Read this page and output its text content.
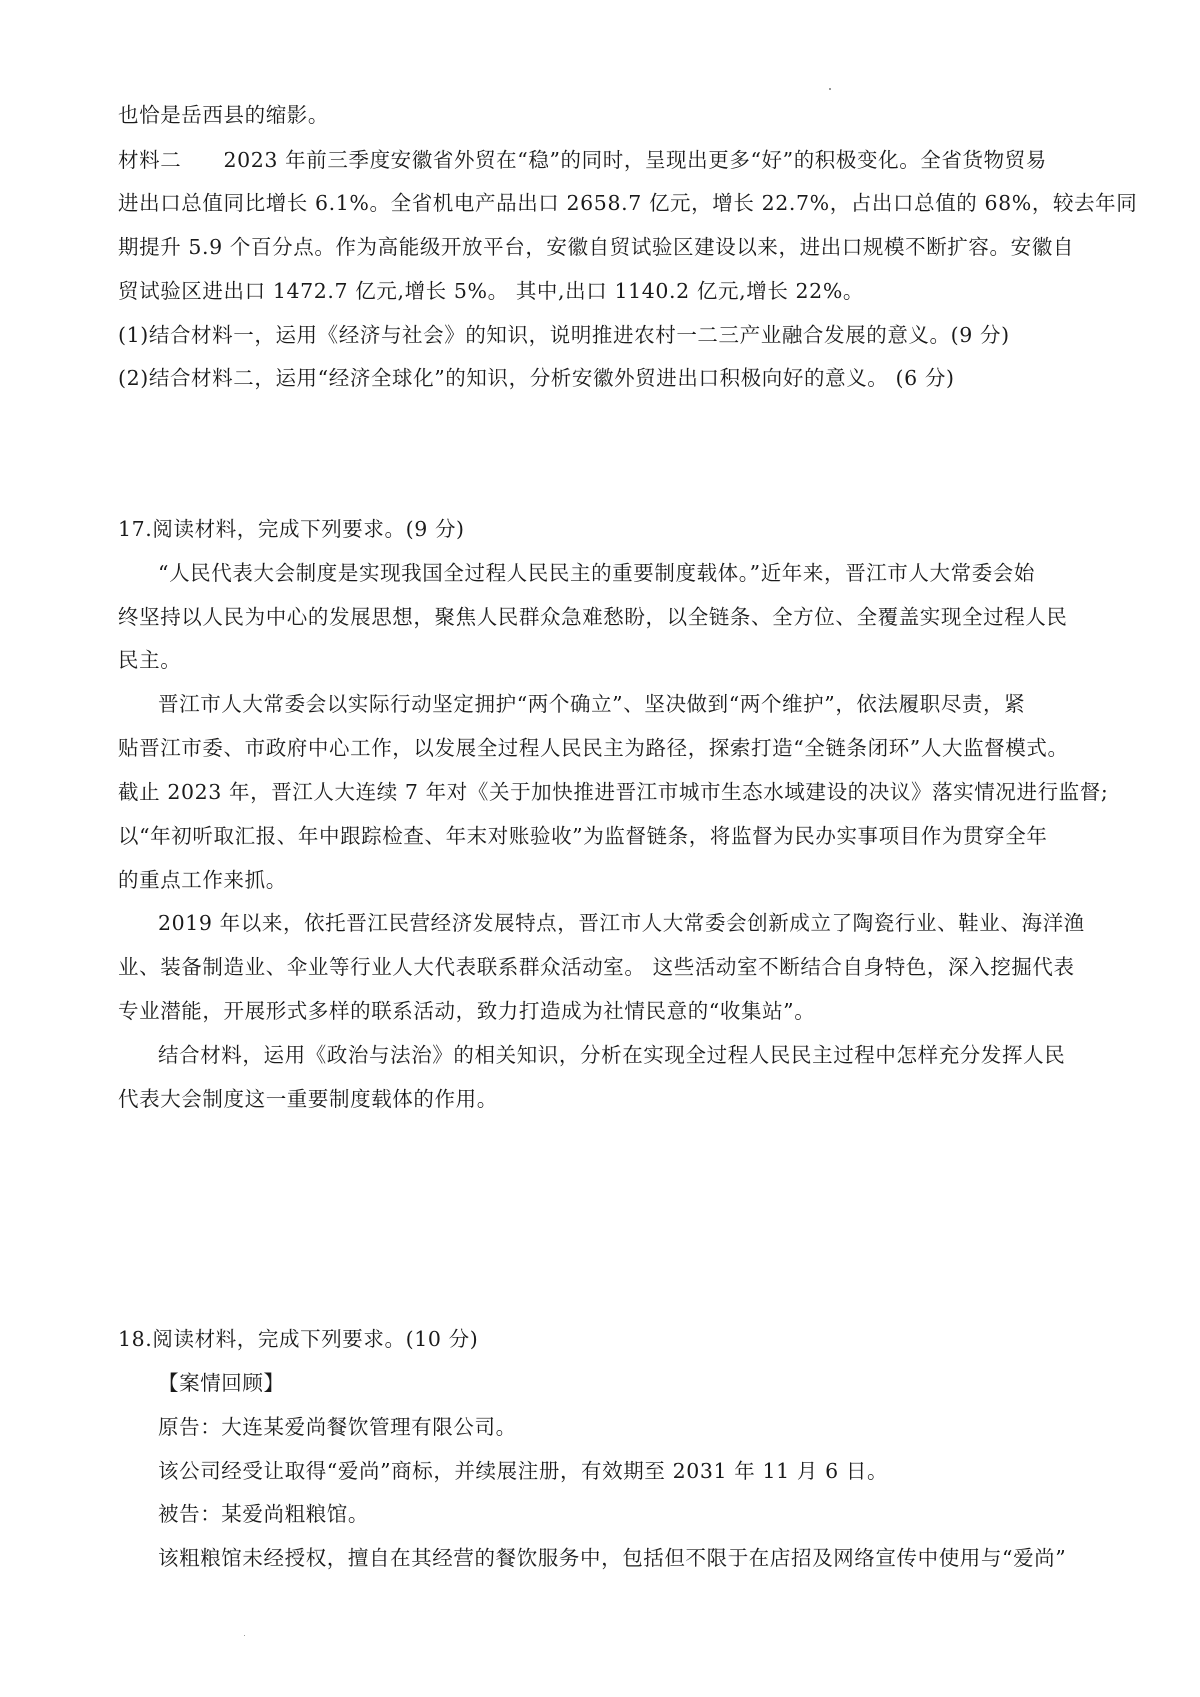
也恰是岳西县的缩影。
材料二　　2023 年前三季度安徽省外贸在“稳”的同时，呈现出更多“好”的积极变化。全省货物贸易
进出口总值同比增长 6.1%。全省机电产品出口 2658.7 亿元，增长 22.7%，占出口总值的 68%，较去年同
期提升 5.9 个百分点。作为高能级开放平台，安徽自贸试验区建设以来，进出口规模不断扩容。安徽自
贸试验区进出口 1472.7 亿元,增长 5%。 其中,出口 1140.2 亿元,增长 22%。
(1)结合材料一，运用《经济与社会》的知识，说明推进农村一二三产业融合发展的意义。(9 分)
(2)结合材料二，运用“经济全球化”的知识，分析安徽外贸进出口积极向好的意义。 (6 分)
17.阅读材料，完成下列要求。(9 分)
“人民代表大会制度是实现我国全过程人民民主的重要制度载体。”近年来，晋江市人大常委会始
终坚持以人民为中心的发展思想，聚焦人民群众急难愁盼，以全链条、全方位、全覆盖实现全过程人民
民主。
晋江市人大常委会以实际行动坚定拥护“两个确立”、坚决做到“两个维护”，依法履职尽责，紧
贴晋江市委、市政府中心工作，以发展全过程人民民主为路径，探索打造“全链条闭环”人大监督模式。
截止 2023 年，晋江人大连续 7 年对《关于加快推进晋江市城市生态水域建设的决议》落实情况进行监督;
以“年初听取汇报、年中跟踪检查、年末对账验收”为监督链条，将监督为民办实事项目作为贯穿全年
的重点工作来抓。
2019 年以来，依托晋江民营经济发展特点，晋江市人大常委会创新成立了陶瓷行业、鞋业、海洋渔
业、装备制造业、伞业等行业人大代表联系群众活动室。 这些活动室不断结合自身特色，深入挖掘代表
专业潜能，开展形式多样的联系活动，致力打造成为社情民意的“收集站”。
结合材料，运用《政治与法治》的相关知识，分析在实现全过程人民民主过程中怎样充分发挥人民
代表大会制度这一重要制度载体的作用。
18.阅读材料，完成下列要求。(10 分)
【案情回顾】
原告：大连某爱尚餐饮管理有限公司。
该公司经受让取得“爱尚”商标，并续展注册，有效期至 2031 年 11 月 6 日。
被告：某爱尚粗粮馆。
该粗粮馆未经授权，擅自在其经营的餐饮服务中，包括但不限于在店招及网络宣传中使用与“爱尚”
